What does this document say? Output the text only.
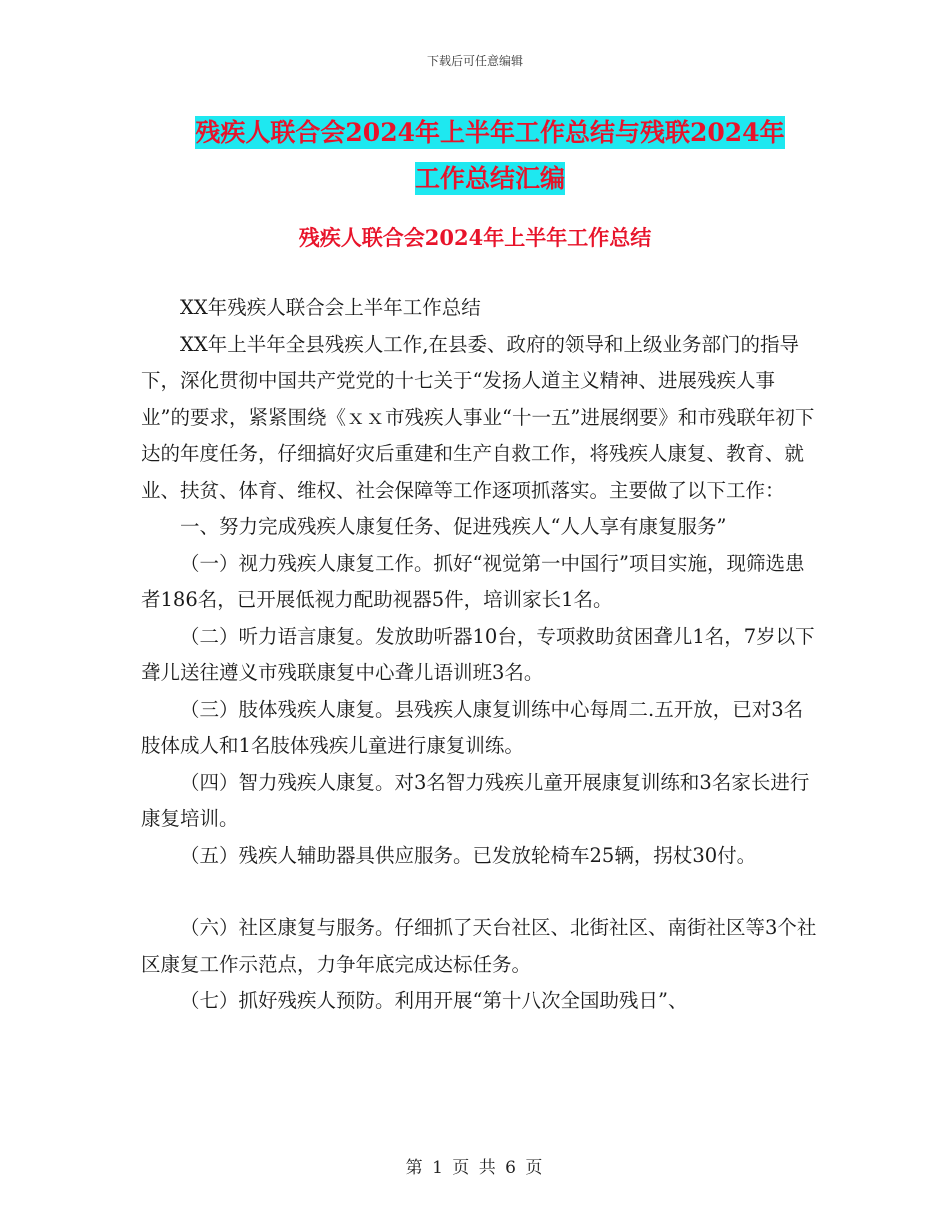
下载后可任意编辑
残疾人联合会2024年上半年工作总结与残联2024年
工作总结汇编
残疾人联合会2024年上半年工作总结

XX年残疾人联合会上半年工作总结

XX年上半年全县残疾人工作,在县委、政府的领导和上级业务部门的指导下，深化贯彻中国共产党党的十七关于“发扬人道主义精神、进展残疾人事业”的要求，紧紧围绕《ｘｘ市残疾人事业“十一五”进展纲要》和市残联年初下达的年度任务，仔细搞好灾后重建和生产自救工作，将残疾人康复、教育、就业、扶贫、体育、维权、社会保障等工作逐项抓落实。主要做了以下工作：

一、努力完成残疾人康复任务、促进残疾人“人人享有康复服务”

（一）视力残疾人康复工作。抓好“视觉第一中国行”项目实施，现筛选患者186名，已开展低视力配助视器5件，培训家长1名。

（二）听力语言康复。发放助听器10台，专项救助贫困聋儿1名，7岁以下聋儿送往遵义市残联康复中心聋儿语训班3名。

（三）肢体残疾人康复。县残疾人康复训练中心每周二.五开放，已对3名肢体成人和1名肢体残疾儿童进行康复训练。

（四）智力残疾人康复。对3名智力残疾儿童开展康复训练和3名家长进行康复培训。

（五）残疾人辅助器具供应服务。已发放轮椅车25辆，拐杖30付。

（六）社区康复与服务。仔细抓了天台社区、北街社区、南街社区等3个社区康复工作示范点，力争年底完成达标任务。

（七）抓好残疾人预防。利用开展“第十八次全国助残日”、

第 1 页 共 6 页
